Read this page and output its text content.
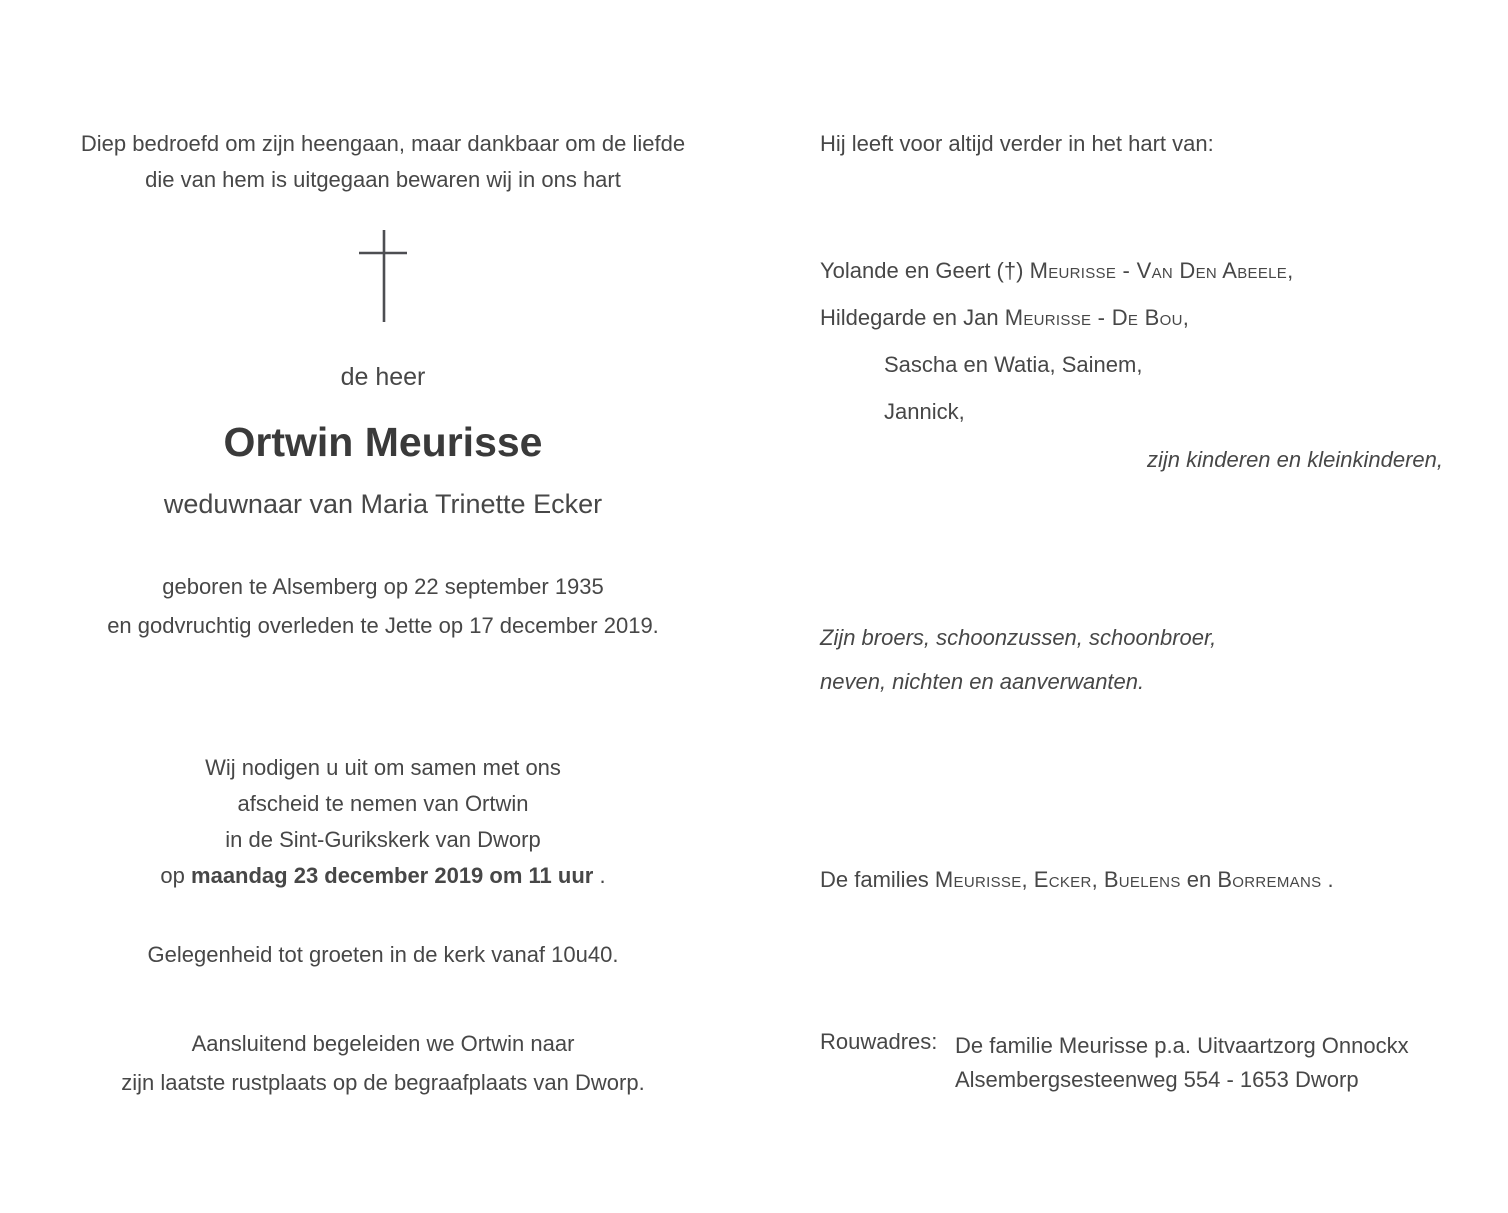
Diep bedroefd om zijn heengaan, maar dankbaar om de liefde
die van hem is uitgegaan bewaren wij in ons hart
de heer
Ortwin Meurisse
weduwnaar van Maria Trinette Ecker
geboren te Alsemberg op 22 september 1935
en godvruchtig overleden te Jette op 17 december 2019.
Wij nodigen u uit om samen met ons
afscheid te nemen van Ortwin
in de Sint-Gurikskerk van Dworp
op maandag 23 december 2019 om 11 uur .
Gelegenheid tot groeten in de kerk vanaf 10u40.
Aansluitend begeleiden we Ortwin naar
zijn laatste rustplaats op de begraafplaats van Dworp.
Hij leeft voor altijd verder in het hart van:
Yolande en Geert (†) Meurisse - Van Den Abeele,
Hildegarde en Jan Meurisse - De Bou,
Sascha en Watia, Sainem,
Jannick,
zijn kinderen en kleinkinderen,
Zijn broers, schoonzussen, schoonbroer,
neven, nichten en aanverwanten.
De families Meurisse, Ecker, Buelens en Borremans .
Rouwadres: De familie Meurisse p.a. Uitvaartzorg Onnockx
Alsembergsesteenweg 554 - 1653 Dworp
